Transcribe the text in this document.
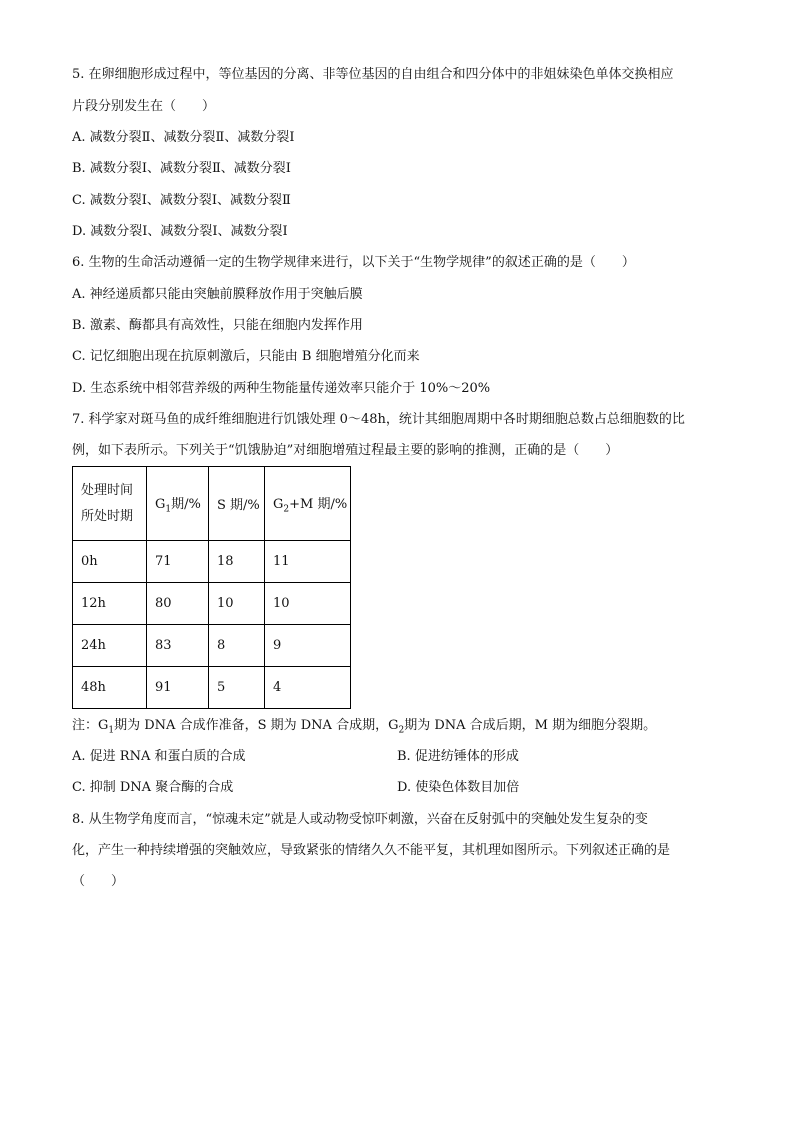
5. 在卵细胞形成过程中，等位基因的分离、非等位基因的自由组合和四分体中的非姐妹染色单体交换相应
片段分别发生在（　　）
A. 减数分裂Ⅱ、减数分裂Ⅱ、减数分裂Ⅰ
B. 减数分裂Ⅰ、减数分裂Ⅱ、减数分裂Ⅰ
C. 减数分裂Ⅰ、减数分裂Ⅰ、减数分裂Ⅱ
D. 减数分裂Ⅰ、减数分裂Ⅰ、减数分裂Ⅰ
6. 生物的生命活动遵循一定的生物学规律来进行，以下关于“生物学规律”的叙述正确的是（　　）
A. 神经递质都只能由突触前膜释放作用于突触后膜
B. 激素、酶都具有高效性，只能在细胞内发挥作用
C. 记忆细胞出现在抗原刺激后，只能由 B 细胞增殖分化而来
D. 生态系统中相邻营养级的两种生物能量传递效率只能介于 10%～20%
7. 科学家对斑马鱼的成纤维细胞进行饥饿处理 0～48h，统计其细胞周期中各时期细胞总数占总细胞数的比
例，如下表所示。下列关于“饥饿胁迫”对细胞增殖过程最主要的影响的推测，正确的是（　　）
处理时间
所处时期	$G_1$期/%	S 期/%	$G_2+M$ 期/%
0h	71	18	11
12h	80	10	10
24h	83	8	9
48h	91	5	4
注：$G_1$期为 DNA 合成作准备，S 期为 DNA 合成期，$G_2$期为 DNA 合成后期，M 期为细胞分裂期。
A. 促进 RNA 和蛋白质的合成	B. 促进纺锤体的形成
C. 抑制 DNA 聚合酶的合成	D. 使染色体数目加倍
8. 从生物学角度而言，“惊魂未定”就是人或动物受惊吓刺激，兴奋在反射弧中的突触处发生复杂的变
化，产生一种持续增强的突触效应，导致紧张的情绪久久不能平复，其机理如图所示。下列叙述正确的是
（　　）
